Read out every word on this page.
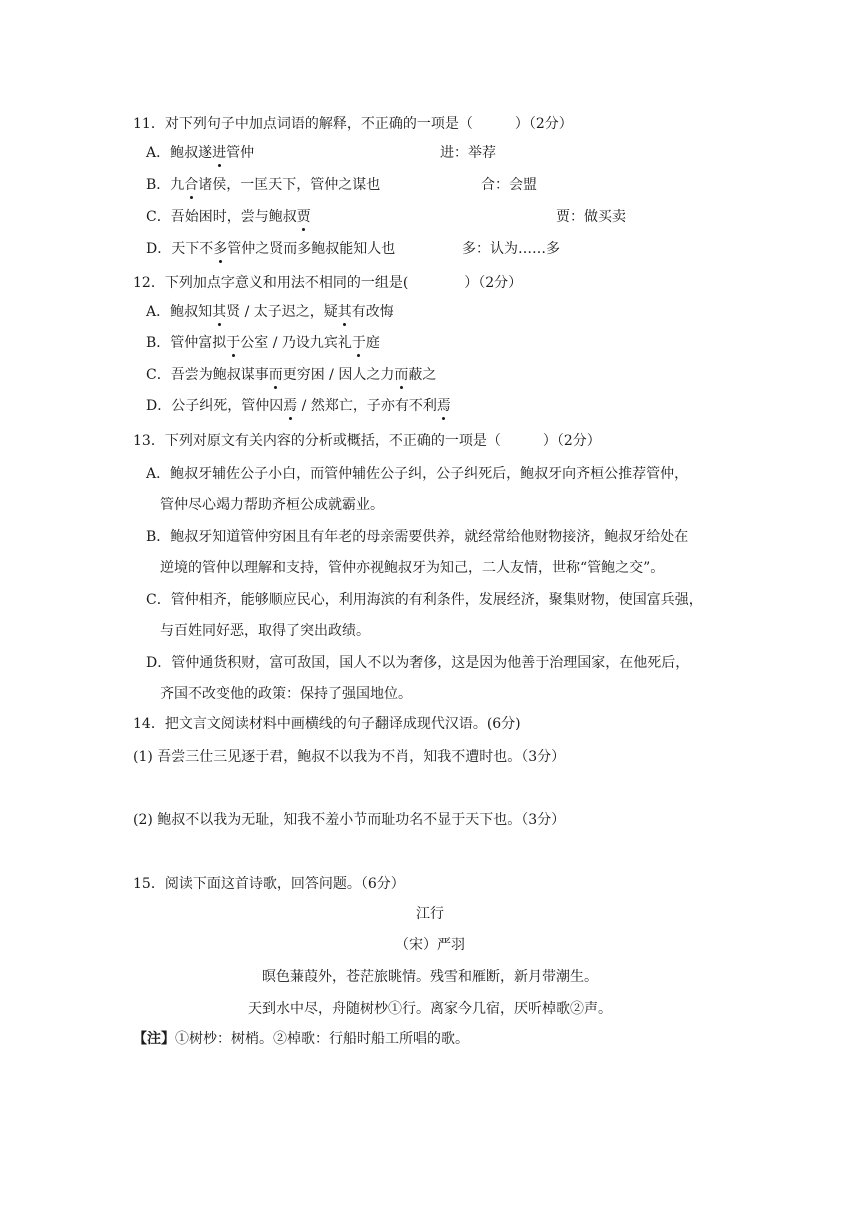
11．对下列句子中加点词语的解释，不正确的一项是（　　　）（2分）
A．鲍叔遂进管仲	进：举荐
B．九合诸侯，一匡天下，管仲之谋也	合：会盟
C．吾始困时，尝与鲍叔贾	贾：做买卖
D．天下不多管仲之贤而多鲍叔能知人也	多：认为……多
12．下列加点字意义和用法不相同的一组是(　　　　）（2分）
A．鲍叔知其贤 / 太子迟之，疑其有改悔
B．管仲富拟于公室 / 乃设九宾礼于庭
C．吾尝为鲍叔谋事而更穷困 / 因人之力而蔽之
D．公子纠死，管仲囚焉 / 然郑亡，子亦有不利焉
13．下列对原文有关内容的分析或概括，不正确的一项是（　　　）（2分）
A．鲍叔牙辅佐公子小白，而管仲辅佐公子纠，公子纠死后，鲍叔牙向齐桓公推荐管仲，
管仲尽心竭力帮助齐桓公成就霸业。
B．鲍叔牙知道管仲穷困且有年老的母亲需要供养，就经常给他财物接济，鲍叔牙给处在
逆境的管仲以理解和支持，管仲亦视鲍叔牙为知己，二人友情，世称“管鲍之交”。
C．管仲相齐，能够顺应民心，利用海滨的有利条件，发展经济，聚集财物，使国富兵强，
与百姓同好恶，取得了突出政绩。
D．管仲通货积财，富可敌国，国人不以为奢侈，这是因为他善于治理国家，在他死后，
齐国不改变他的政策：保持了强国地位。
14．把文言文阅读材料中画横线的句子翻译成现代汉语。(6分)
(1) 吾尝三仕三见逐于君，鲍叔不以我为不肖，知我不遭时也。（3分）
(2) 鲍叔不以我为无耻，知我不羞小节而耻功名不显于天下也。（3分）
15．阅读下面这首诗歌，回答问题。（6分）
江行
（宋）严羽
暝色蒹葭外，苍茫旅眺情。残雪和雁断，新月带潮生。
天到水中尽，舟随树杪①行。离家今几宿，厌听棹歌②声。
【注】①树杪：树梢。②棹歌：行船时船工所唱的歌。
